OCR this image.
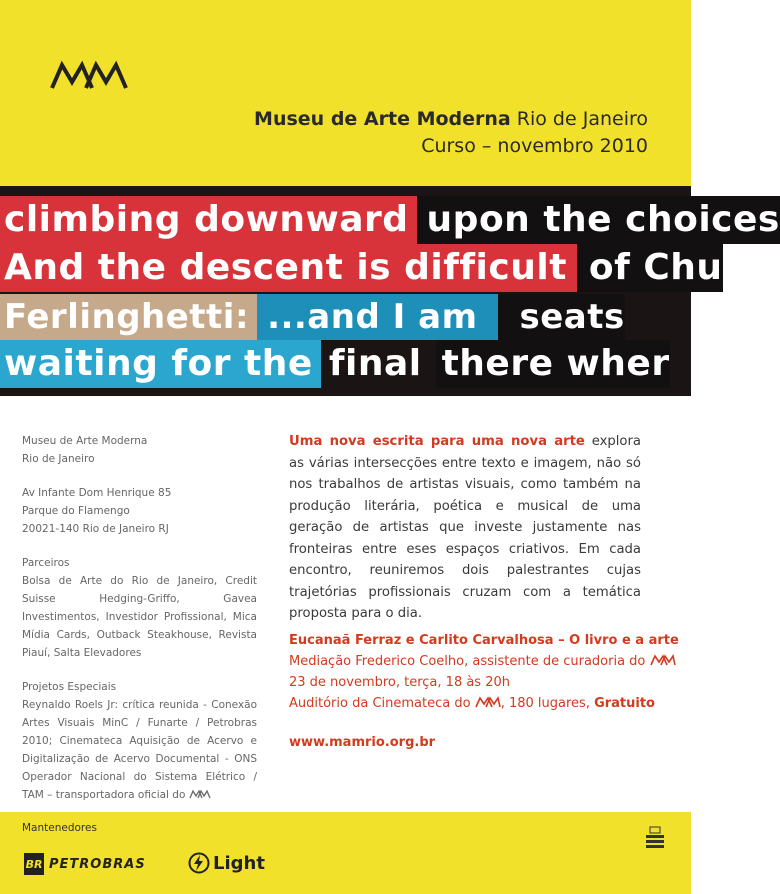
Museu de Arte Moderna Rio de Janeiro
Curso – novembro 2010
climbing downward upon the choices
And the descent is difficult of Chu
Ferlinghetti: ...and I am seats
waiting for the final there wher

Museu de Arte Moderna

Rio de Janeiro

Av Infante Dom Henrique 85

Parque do Flamengo

20021-140 Rio de Janeiro RJ

Parceiros

Bolsa de Arte do Rio de Janeiro, Credit Suisse Hedging-Griffo, Gavea Investimentos, Investidor Profissional, Mica Mídia Cards, Outback Steakhouse, Revista Piauí, Salta Elevadores

Projetos Especiais

Reynaldo Roels Jr: crítica reunida - Conexão Artes Visuais MinC / Funarte / Petrobras 2010; Cinemateca Aquisição de Acervo e Digitalização de Acervo Documental - ONS Operador Nacional do Sistema Elétrico / TAM – transportadora oficial do

Uma nova escrita para uma nova arte explora as várias intersecções entre texto e imagem, não só nos trabalhos de artistas visuais, como também na produção literária, poética e musical de uma geração de artistas que investe justamente nas fronteiras entre eses espaços criativos. Em cada encontro, reuniremos dois palestrantes cujas trajetórias profissionais cruzam com a temática proposta para o dia.

Eucanaã Ferraz e Carlito Carvalhosa – O livro e a arte
Mediação Frederico Coelho, assistente de curadoria do
23 de novembro, terça, 18 às 20h
Auditório da Cinemateca do , 180 lugares, Gratuito
www.mamrio.org.br
Mantenedores
BR PETROBRAS	Light
